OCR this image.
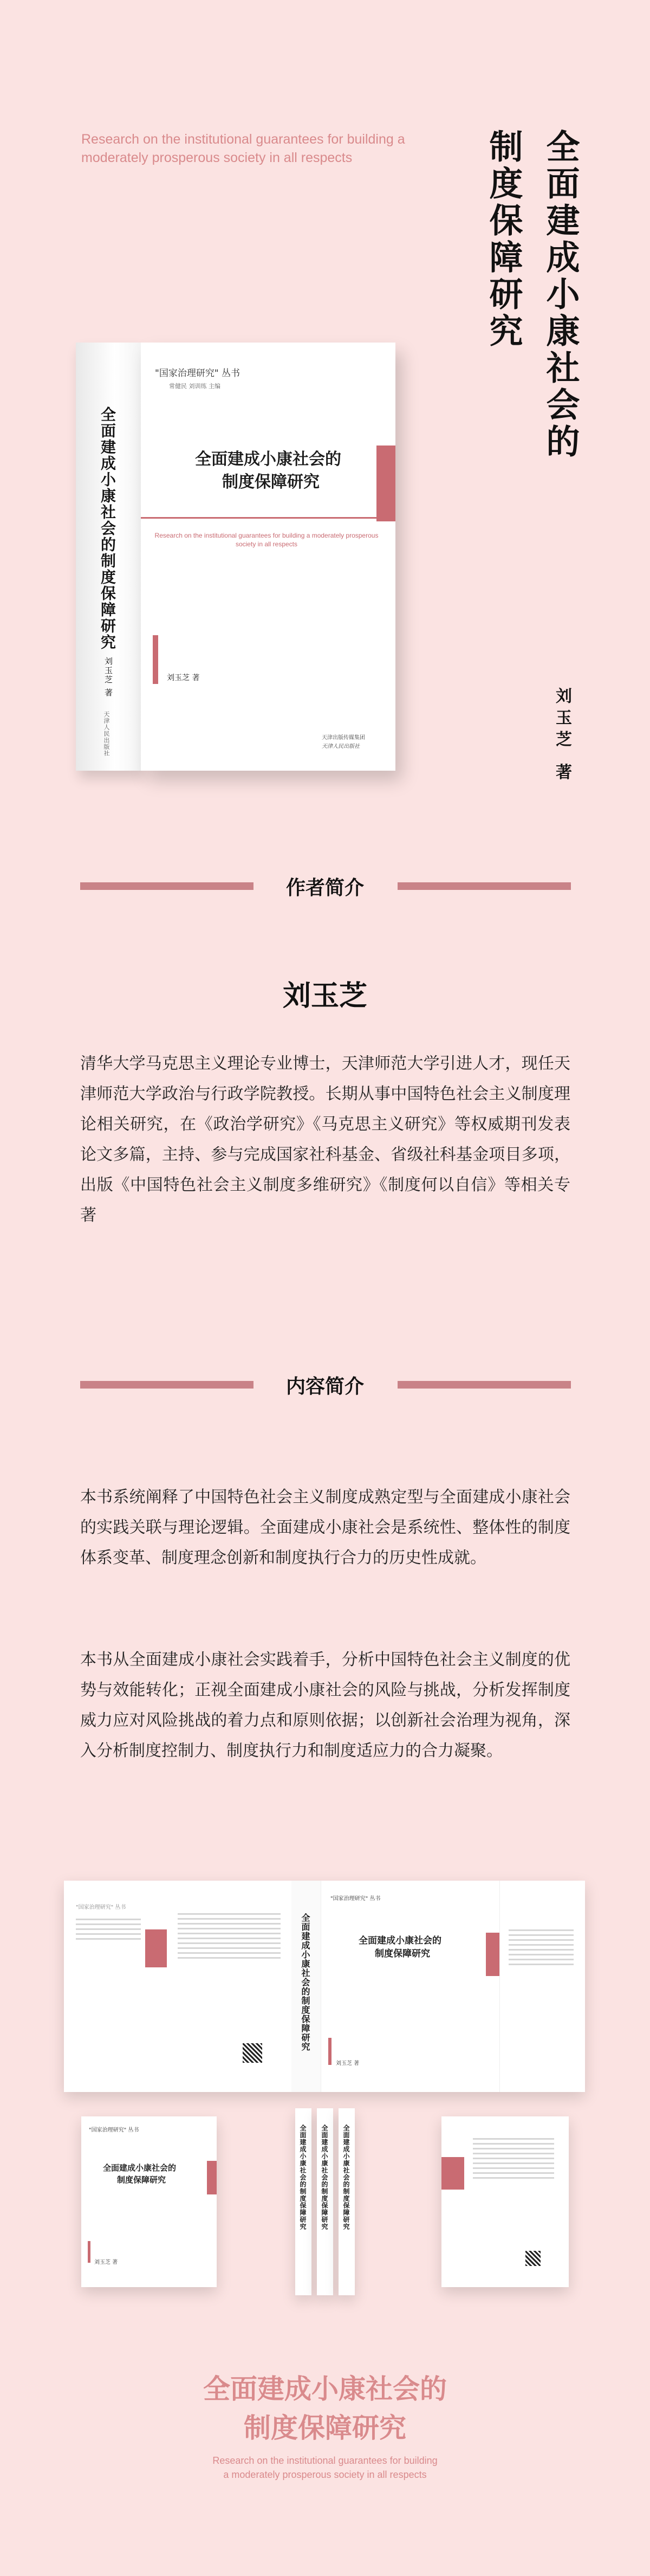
Research on the institutional guarantees for building a moderately prosperous society in all respects	全面建成小康社会的
制度保障研究
刘玉芝 著
全面建成小康社会的制度保障研究
刘玉芝 著
天津人民出版社
"国家治理研究" 丛书
常健民 刘训练 主编
全面建成小康社会的
制度保障研究
Research on the institutional guarantees for building a moderately prosperous society in all respects
刘玉芝 著
天津出版传媒集团
天津人民出版社
作者简介
刘玉芝
清华大学马克思主义理论专业博士，天津师范大学引进人才，现任天津师范大学政治与行政学院教授。长期从事中国特色社会主义制度理论相关研究，在《政治学研究》《马克思主义研究》等权威期刊发表论文多篇，主持、参与完成国家社科基金、省级社科基金项目多项，出版《中国特色社会主义制度多维研究》《制度何以自信》等相关专著
内容简介
本书系统阐释了中国特色社会主义制度成熟定型与全面建成小康社会的实践关联与理论逻辑。全面建成小康社会是系统性、整体性的制度体系变革、制度理念创新和制度执行合力的历史性成就。
本书从全面建成小康社会实践着手，分析中国特色社会主义制度的优势与效能转化；正视全面建成小康社会的风险与挑战，分析发挥制度威力应对风险挑战的着力点和原则依据；以创新社会治理为视角，深入分析制度控制力、制度执行力和制度适应力的合力凝聚。
"国家治理研究" 丛书
全面建成小康社会的制度保障研究
"国家治理研究" 丛书
全面建成小康社会的
制度保障研究
刘玉芝 著
"国家治理研究" 丛书
全面建成小康社会的
制度保障研究
刘玉芝 著
全面建成小康社会的制度保障研究 全面建成小康社会的制度保障研究 全面建成小康社会的制度保障研究
全面建成小康社会的
制度保障研究
Research on the institutional guarantees for building
a moderately prosperous society in all respects
